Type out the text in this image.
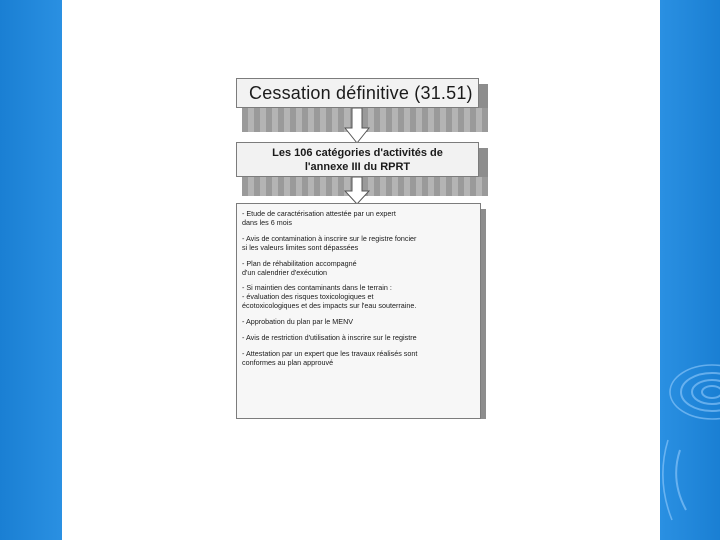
Cessation définitive (31.51)
Les 106 catégories d'activités de
l'annexe III du RPRT
- Etude de caractérisation attestée par un expert
dans les 6 mois
- Avis de contamination à inscrire sur le registre foncier
si les valeurs limites sont dépassées
- Plan de réhabilitation accompagné
d'un calendrier d'exécution
- Si maintien des contaminants dans le terrain :
- évaluation des risques toxicologiques et
écotoxicologiques et des impacts sur l'eau souterraine.
- Approbation du plan par le MENV
- Avis de restriction d'utilisation à inscrire sur le registre
- Attestation par un expert que les travaux réalisés sont
conformes au plan approuvé
